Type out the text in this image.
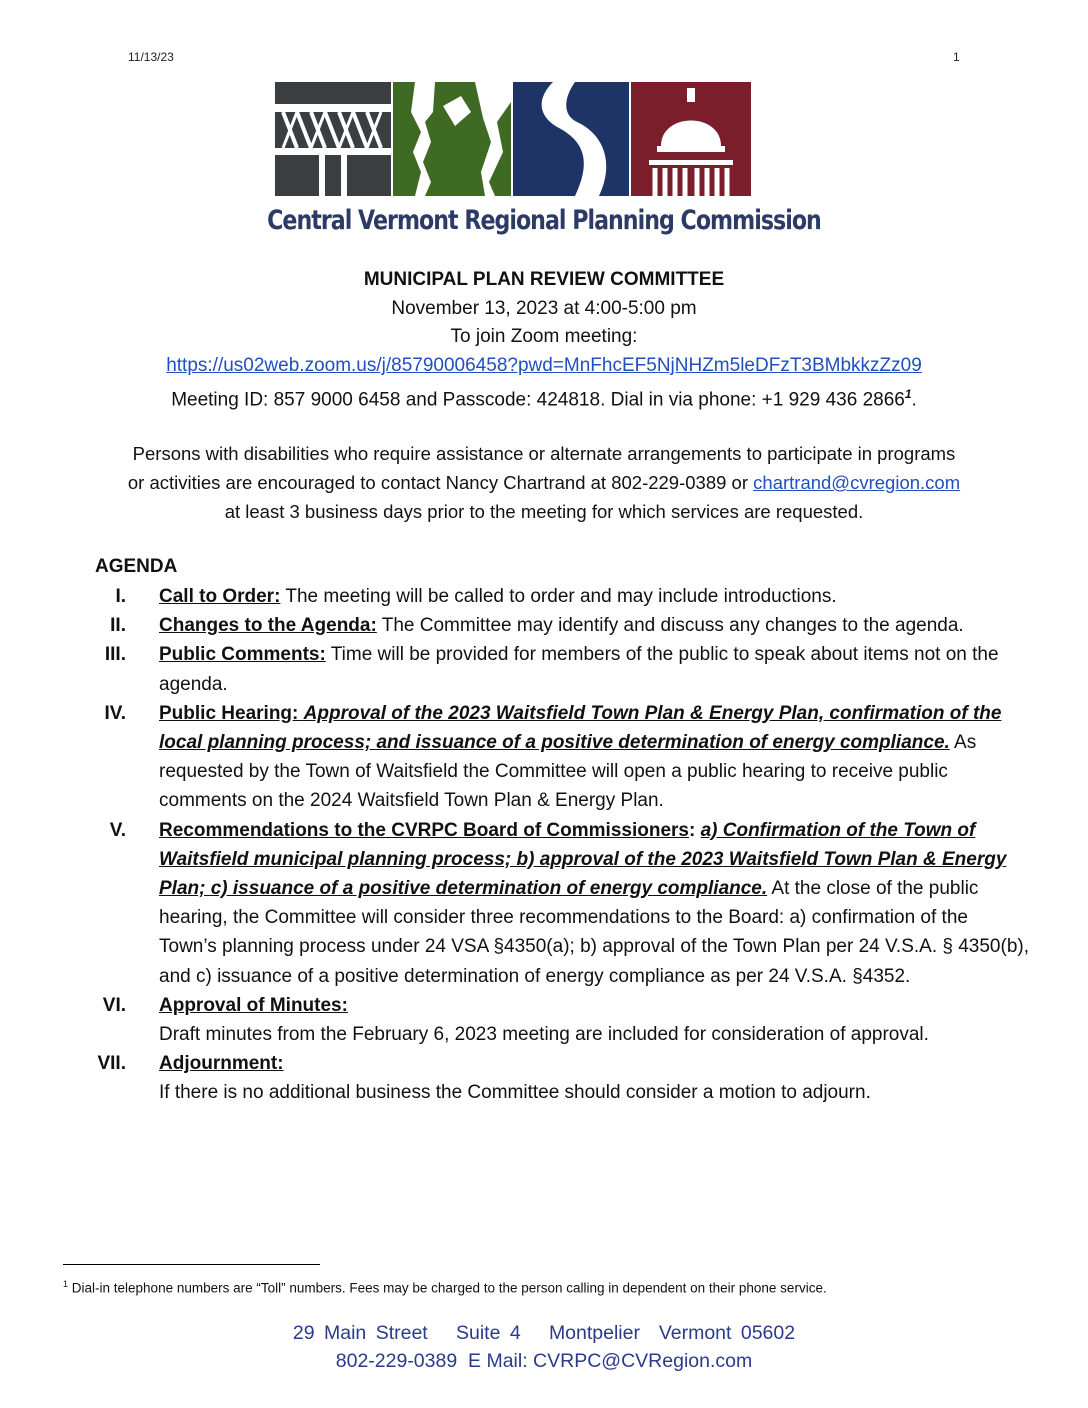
11/13/23	1
Central Vermont Regional Planning Commission
MUNICIPAL PLAN REVIEW COMMITTEE
November 13, 2023 at 4:00-5:00 pm
To join Zoom meeting:
https://us02web.zoom.us/j/85790006458?pwd=MnFhcEF5NjNHZm5leDFzT3BMbkkzZz09
Meeting ID: 857 9000 6458 and Passcode: 424818. Dial in via phone: +1 929 436 2866$^1$.
Persons with disabilities who require assistance or alternate arrangements to participate in programs
or activities are encouraged to contact Nancy Chartrand at 802-229-0389 or chartrand@cvregion.com
at least 3 business days prior to the meeting for which services are requested.
AGENDA
I. Call to Order: The meeting will be called to order and may include introductions.
II. Changes to the Agenda: The Committee may identify and discuss any changes to the agenda.
III. Public Comments: Time will be provided for members of the public to speak about items not on the agenda.
IV. Public Hearing: Approval of the 2023 Waitsfield Town Plan & Energy Plan, confirmation of the local planning process; and issuance of a positive determination of energy compliance. As requested by the Town of Waitsfield the Committee will open a public hearing to receive public comments on the 2024 Waitsfield Town Plan & Energy Plan.
V. Recommendations to the CVRPC Board of Commissioners: a) Confirmation of the Town of Waitsfield municipal planning process; b) approval of the 2023 Waitsfield Town Plan & Energy Plan; c) issuance of a positive determination of energy compliance. At the close of the public hearing, the Committee will consider three recommendations to the Board: a) confirmation of the Town’s planning process under 24 VSA §4350(a); b) approval of the Town Plan per 24 V.S.A. § 4350(b), and c) issuance of a positive determination of energy compliance as per 24 V.S.A. §4352.
VI. Approval of Minutes:
Draft minutes from the February 6, 2023 meeting are included for consideration of approval.
VII. Adjournment:
If there is no additional business the Committee should consider a motion to adjourn.
$^1$ Dial-in telephone numbers are “Toll” numbers. Fees may be charged to the person calling in dependent on their phone service.
29 Main Street   Suite 4   Montpelier  Vermont 05602
802-229-0389  E Mail: CVRPC@CVRegion.com
